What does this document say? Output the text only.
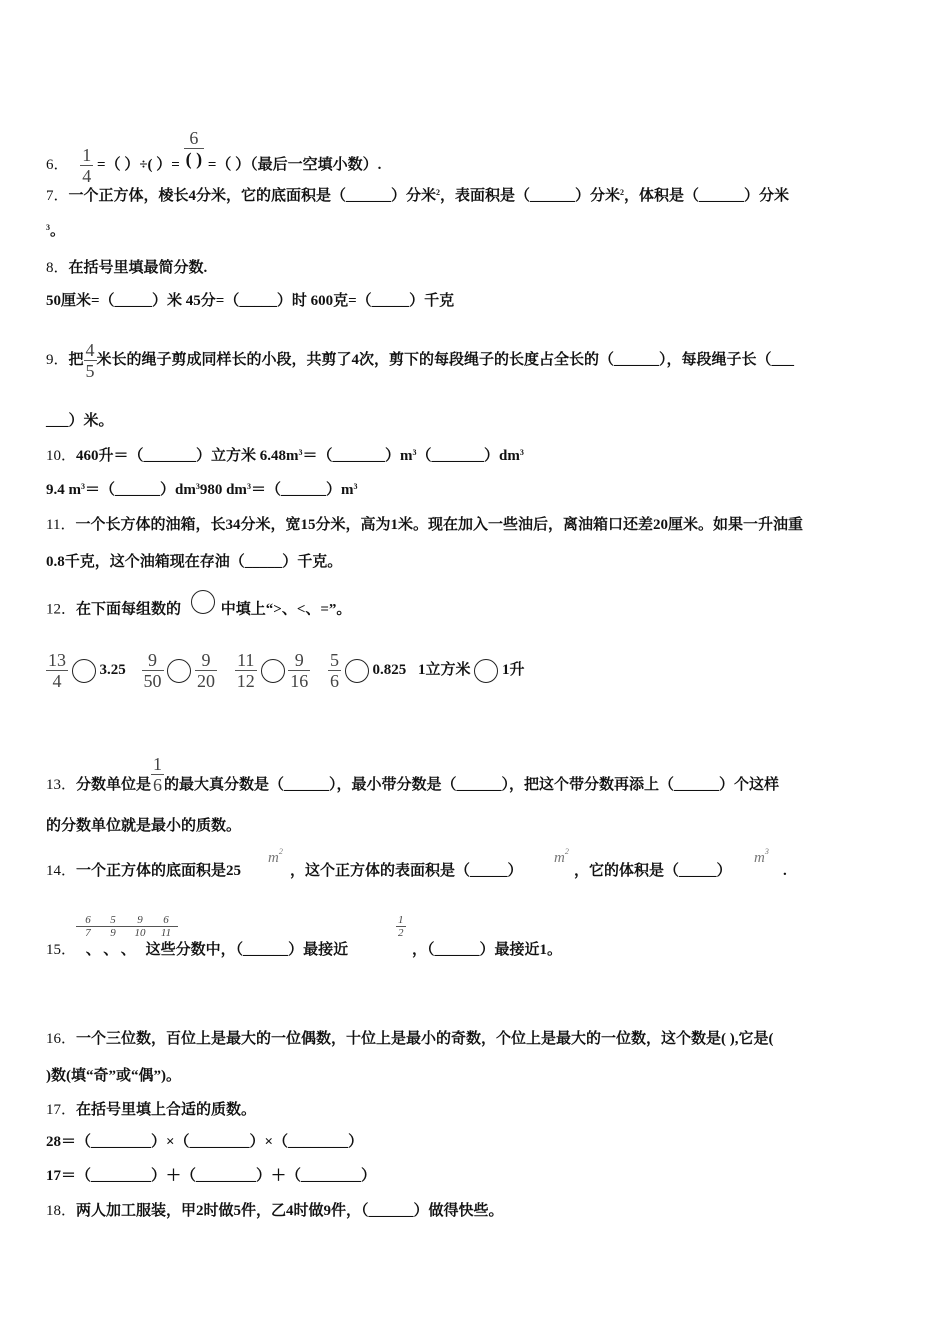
6． $\frac{1}{4}$ =（ ）÷( ）=
6
( ) =（ ）（最后一空填小数）.
7．一个正方体，棱长4分米，它的底面积是（______）分米$^2$，表面积是（______）分米$^2$，体积是（______）分米
$^3$。
8．在括号里填最简分数.
50厘米=（_____）米 45分=（_____）时 600克=（_____）千克
9．把 $\frac{4}{5}$ 米长的绳子剪成同样长的小段，共剪了4次，剪下的每段绳子的长度占全长的（______），每段绳子长（___
___）米。
10．460升＝（_______）立方米 $6.48m^3=(\_\_\_\_\_\_\_)m^3(\_\_\_\_\_\_\_)dm^3$
9.4 $m^3=(\_\_\_\_\_\_)dm^3980$ $dm^3=(\_\_\_\_\_\_)m^3$
11．一个长方体的油箱，长34分米，宽15分米，高为1米。现在加入一些油后，离油箱口还差20厘米。如果一升油重
0.8千克，这个油箱现在存油（_____）千克。
12．在下面每组数的	中填上“>、<、=”。
$\frac{13}{4} 3.25 \frac{9}{50}$
$\frac{9}{20}$
$\frac{11}{12}$
$\frac{9}{16}$
$\frac{5}{6} 0.825$ 1立方米 1升
13．分数单位是 $\frac{1}{6}$ 的最大真分数是（______），最小带分数是（______），把这个带分数再添上（______）个这样
的分数单位就是最小的质数。
14．一个正方体的底面积是25
$m^2$
，这个正方体的表面积是（_____）
$m^2$
，它的体积是（_____）
$m^3$
.
$\frac{6}{7} \frac{5}{9} \frac{9}{10} \frac{6}{11}$
15． 、 、 、 这些分数中，（______）最接近
$\frac{1}{2}$
，（______）最接近1。
16．一个三位数，百位上是最大的一位偶数，十位上是最小的奇数，个位上是最大的一位数，这个数是( ),它是(
)数(填“奇”或“偶”)。
17．在括号里填上合适的质数。
28＝（________）×（________）×（________）
17＝（________）＋（________）＋（________）
18．两人加工服装，甲2时做5件，乙4时做9件，（______）做得快些。
